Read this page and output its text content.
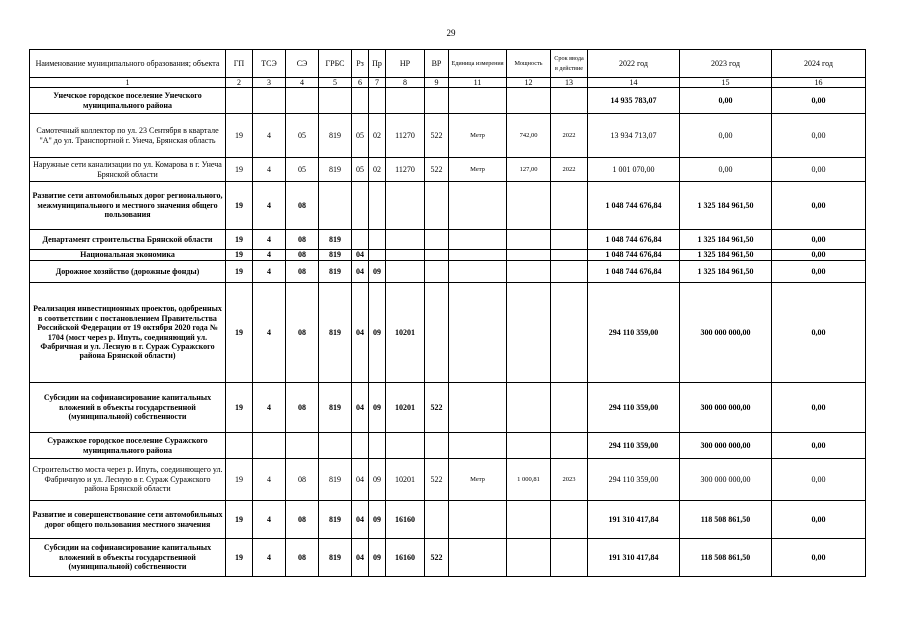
29
Наименование муниципального образования; объекта	ГП	ТСЭ	СЭ	ГРБС	Рз	Пр	НР	ВР	Единица измерения	Мощность	Срок ввода в действие	2022 год	2023 год	2024 год
1	2	3	4	5	6	7	8	9	11	12	13	14	15	16
Унечское городское поселение Унечского муниципального района												14 935 783,07	0,00	0,00
Самотечный коллектор по ул. 23 Сентября в квартале "А" до ул. Транспортной г. Унеча, Брянская область	19	4	05	819	05	02	11270	522	Метр	742,00	2022	13 934 713,07	0,00	0,00
Наружные сети канализации по ул. Комарова в г. Унеча Брянской области	19	4	05	819	05	02	11270	522	Метр	127,00	2022	1 001 070,00	0,00	0,00
Развитие сети автомобильных дорог регионального, межмуниципального и местного значения общего пользования	19	4	08									1 048 744 676,84	1 325 184 961,50	0,00
Департамент строительства Брянской области	19	4	08	819								1 048 744 676,84	1 325 184 961,50	0,00
Национальная экономика	19	4	08	819	04							1 048 744 676,84	1 325 184 961,50	0,00
Дорожное хозяйство (дорожные фонды)	19	4	08	819	04	09						1 048 744 676,84	1 325 184 961,50	0,00
Реализация инвестиционных проектов, одобренных в соответствии с постановлением Правительства Российской Федерации от 19 октября 2020 года № 1704 (мост через р. Ипуть, соединяющий ул. Фабричная и ул. Лесную в г. Сураж Суражского района Брянской области)	19	4	08	819	04	09	10201					294 110 359,00	300 000 000,00	0,00
Субсидии на софинансирование капитальных вложений в объекты государственной (муниципальной) собственности	19	4	08	819	04	09	10201	522				294 110 359,00	300 000 000,00	0,00
Суражское городское поселение Суражского муниципального района												294 110 359,00	300 000 000,00	0,00
Строительство моста через р. Ипуть, соединяющего ул. Фабричную и ул. Лесную в г. Сураж Суражского района Брянской области	19	4	08	819	04	09	10201	522	Метр	1 000,81	2023	294 110 359,00	300 000 000,00	0,00
Развитие и совершенствование сети автомобильных дорог общего пользования местного значения	19	4	08	819	04	09	16160					191 310 417,84	118 508 861,50	0,00
Субсидии на софинансирование капитальных вложений в объекты государственной (муниципальной) собственности	19	4	08	819	04	09	16160	522				191 310 417,84	118 508 861,50	0,00
